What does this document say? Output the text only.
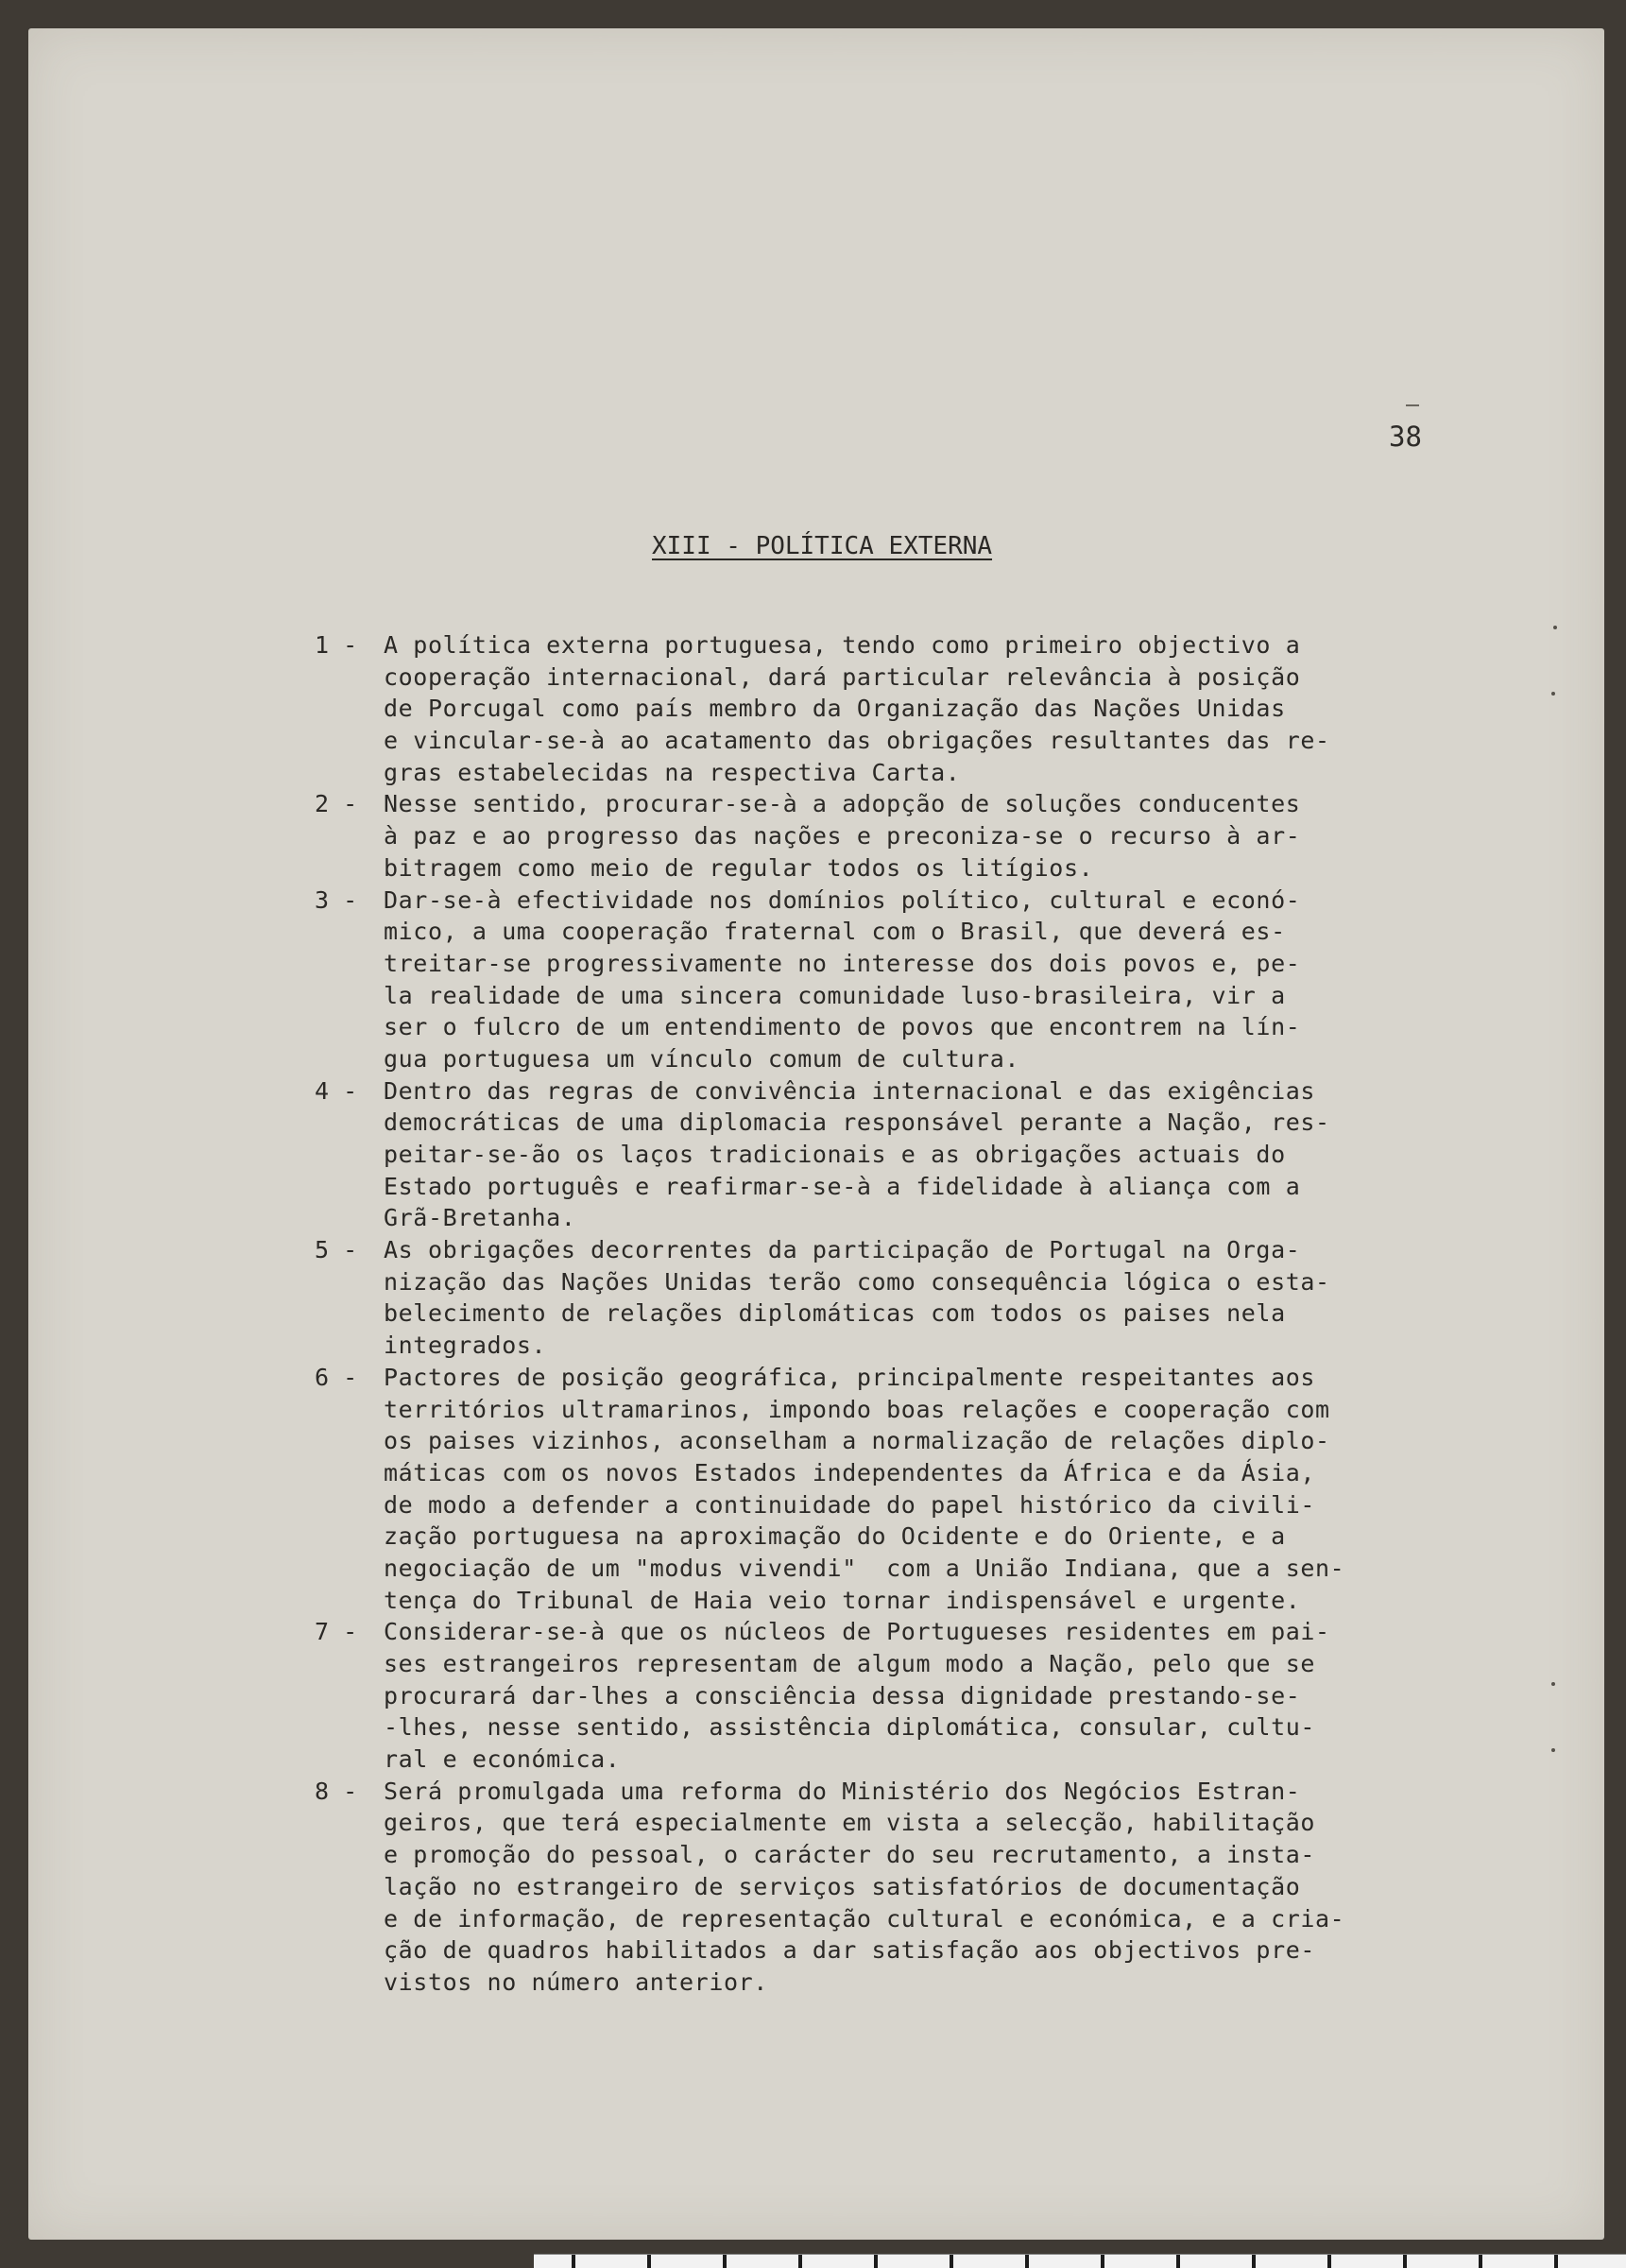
38
XIII - POLÍTICA EXTERNA
1 - A política externa portuguesa, tendo como primeiro objectivo a
cooperação internacional, dará particular relevância à posição
de Porcugal como país membro da Organização das Nações Unidas
e vincular-se-à ao acatamento das obrigações resultantes das re-
gras estabelecidas na respectiva Carta.
2 - Nesse sentido, procurar-se-à a adopção de soluções conducentes
à paz e ao progresso das nações e preconiza-se o recurso à ar-
bitragem como meio de regular todos os litígios.
3 - Dar-se-à efectividade nos domínios político, cultural e econó-
mico, a uma cooperação fraternal com o Brasil, que deverá es-
treitar-se progressivamente no interesse dos dois povos e, pe-
la realidade de uma sincera comunidade luso-brasileira, vir a
ser o fulcro de um entendimento de povos que encontrem na lín-
gua portuguesa um vínculo comum de cultura.
4 - Dentro das regras de convivência internacional e das exigências
democráticas de uma diplomacia responsável perante a Nação, res-
peitar-se-ão os laços tradicionais e as obrigações actuais do
Estado português e reafirmar-se-à a fidelidade à aliança com a
Grã-Bretanha.
5 - As obrigações decorrentes da participação de Portugal na Orga-
nização das Nações Unidas terão como consequência lógica o esta-
belecimento de relações diplomáticas com todos os paises nela
integrados.
6 - Pactores de posição geográfica, principalmente respeitantes aos
territórios ultramarinos, impondo boas relações e cooperação com
os paises vizinhos, aconselham a normalização de relações diplo-
máticas com os novos Estados independentes da África e da Ásia,
de modo a defender a continuidade do papel histórico da civili-
zação portuguesa na aproximação do Ocidente e do Oriente, e a
negociação de um "modus vivendi"  com a União Indiana, que a sen-
tença do Tribunal de Haia veio tornar indispensável e urgente.
7 - Considerar-se-à que os núcleos de Portugueses residentes em pai-
ses estrangeiros representam de algum modo a Nação, pelo que se
procurará dar-lhes a consciência dessa dignidade prestando-se-
-lhes, nesse sentido, assistência diplomática, consular, cultu-
ral e económica.
8 - Será promulgada uma reforma do Ministério dos Negócios Estran-
geiros, que terá especialmente em vista a selecção, habilitação
e promoção do pessoal, o carácter do seu recrutamento, a insta-
lação no estrangeiro de serviços satisfatórios de documentação
e de informação, de representação cultural e económica, e a cria-
ção de quadros habilitados a dar satisfação aos objectivos pre-
vistos no número anterior.
